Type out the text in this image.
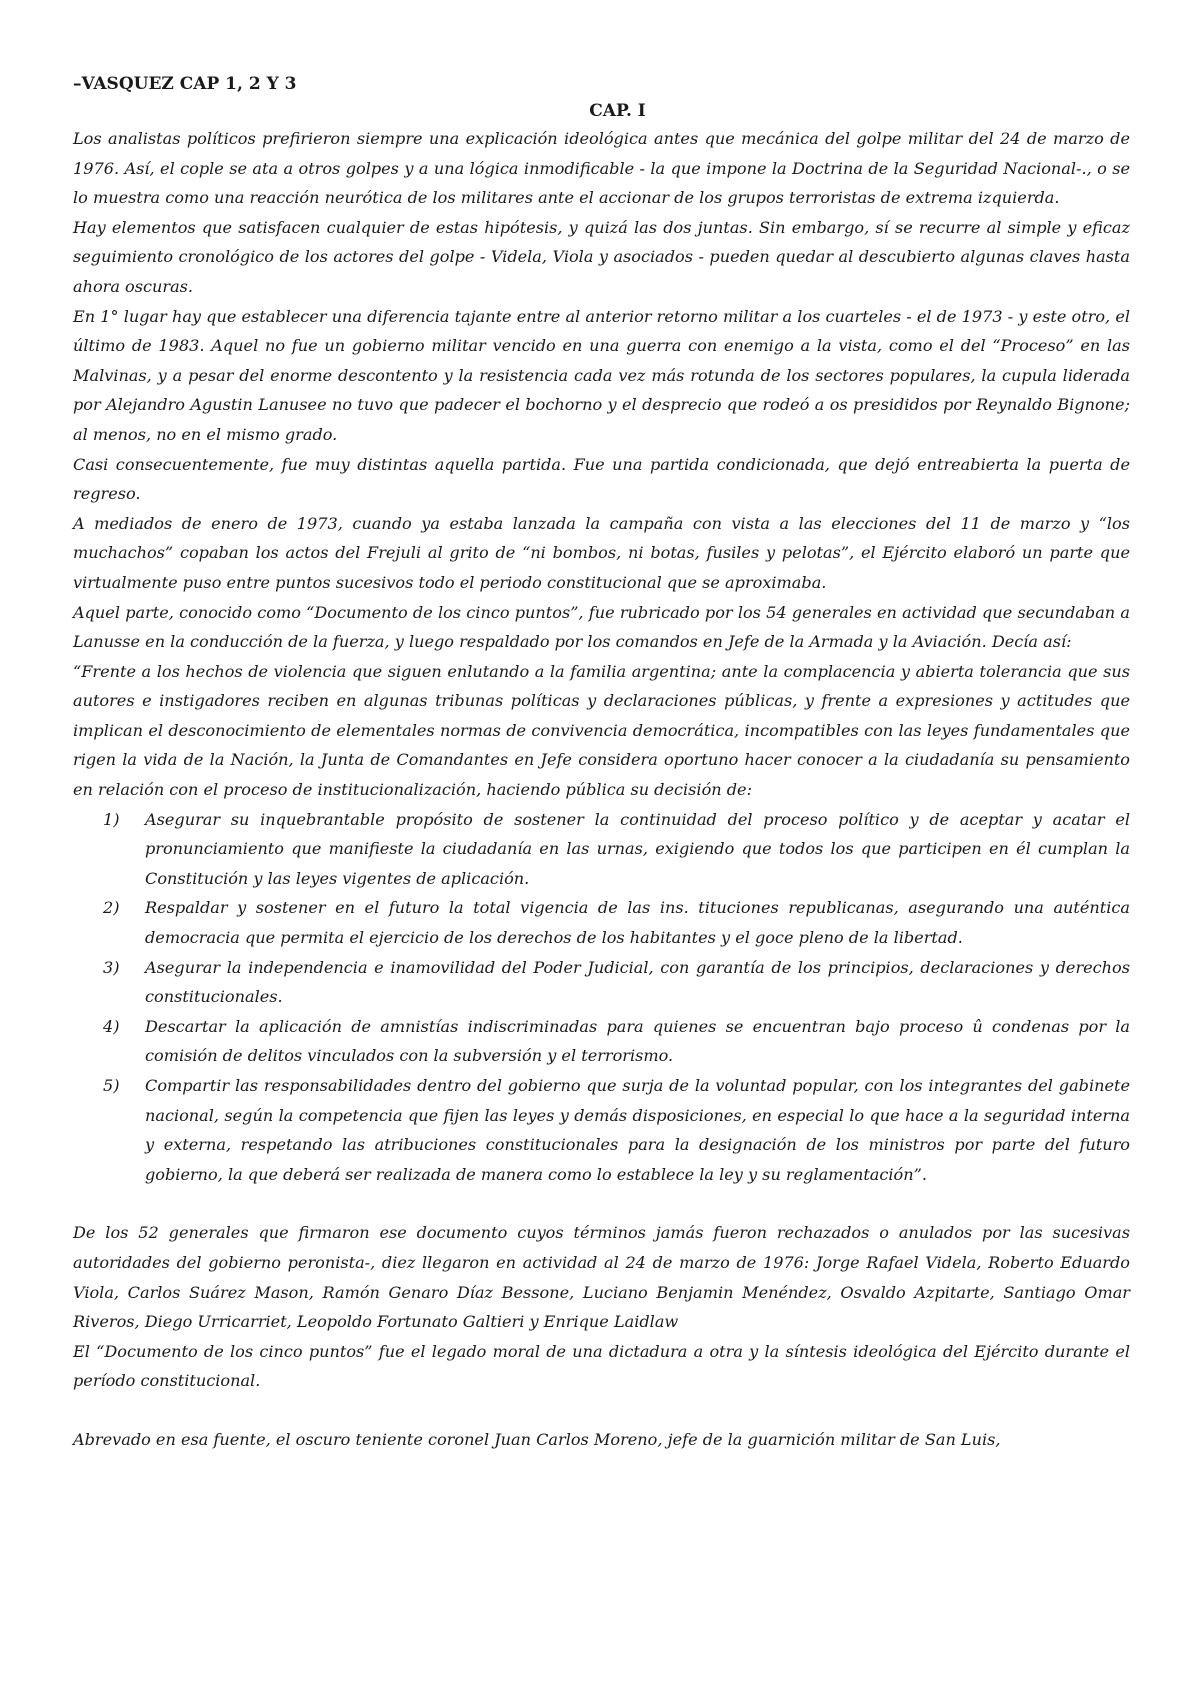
–VASQUEZ CAP 1, 2 Y 3
CAP. I

Los analistas políticos prefirieron siempre una explicación ideológica antes que mecánica del golpe militar del 24 de marzo de 1976. Así, el cople se ata a otros golpes y a una lógica inmodificable - la que impone la Doctrina de la Seguridad Nacional-., o se lo muestra como una reacción neurótica de los militares ante el accionar de los grupos terroristas de extrema izquierda.

Hay elementos que satisfacen cualquier de estas hipótesis, y quizá las dos juntas. Sin embargo, sí se recurre al simple y eficaz seguimiento cronológico de los actores del golpe - Videla, Viola y asociados - pueden quedar al descubierto algunas claves hasta ahora oscuras.

En 1° lugar hay que establecer una diferencia tajante entre al anterior retorno militar a los cuarteles - el de 1973 - y este otro, el último de 1983. Aquel no fue un gobierno militar vencido en una guerra con enemigo a la vista, como el del “Proceso” en las Malvinas, y a pesar del enorme descontento y la resistencia cada vez más rotunda de los sectores populares, la cupula liderada por Alejandro Agustin Lanusee no tuvo que padecer el bochorno y el desprecio que rodeó a os presididos por Reynaldo Bignone; al menos, no en el mismo grado.

Casi consecuentemente, fue muy distintas aquella partida. Fue una partida condicionada, que dejó entreabierta la puerta de regreso.

A mediados de enero de 1973, cuando ya estaba lanzada la campaña con vista a las elecciones del 11 de marzo y “los muchachos” copaban los actos del Frejuli al grito de “ni bombos, ni botas, fusiles y pelotas”, el Ejército elaboró un parte que virtualmente puso entre puntos sucesivos todo el periodo constitucional que se aproximaba.

Aquel parte, conocido como “Documento de los cinco puntos”, fue rubricado por los 54 generales en actividad que secundaban a Lanusse en la conducción de la fuerza, y luego respaldado por los comandos en Jefe de la Armada y la Aviación. Decía así:

“Frente a los hechos de violencia que siguen enlutando a la familia argentina; ante la complacencia y abierta tolerancia que sus autores e instigadores reciben en algunas tribunas políticas y declaraciones públicas, y frente a expresiones y actitudes que implican el desconocimiento de elementales normas de convivencia democrática, incompatibles con las leyes fundamentales que rigen la vida de la Nación, la Junta de Comandantes en Jefe considera oportuno hacer conocer a la ciudadanía su pensamiento en relación con el proceso de institucionalización, haciendo pública su decisión de:

1) Asegurar su inquebrantable propósito de sostener la continuidad del proceso político y de aceptar y acatar el pronunciamiento que manifieste la ciudadanía en las urnas, exigiendo que todos los que participen en él cumplan la Constitución y las leyes vigentes de aplicación.
2) Respaldar y sostener en el futuro la total vigencia de las ins. tituciones republicanas, asegurando una auténtica democracia que permita el ejercicio de los derechos de los habitantes y el goce pleno de la libertad.
3) Asegurar la independencia e inamovilidad del Poder Judicial, con garantía de los principios, declaraciones y derechos constitucionales.
4) Descartar la aplicación de amnistías indiscriminadas para quienes se encuentran bajo proceso û condenas por la comisión de delitos vinculados con la subversión y el terrorismo.
5) Compartir las responsabilidades dentro del gobierno que surja de la voluntad popular, con los integrantes del gabinete nacional, según la competencia que fijen las leyes y demás disposiciones, en especial lo que hace a la seguridad interna y externa, respetando las atribuciones constitucionales para la designación de los ministros por parte del futuro gobierno, la que deberá ser realizada de manera como lo establece la ley y su reglamentación”.

De los 52 generales que firmaron ese documento cuyos términos jamás fueron rechazados o anulados por las sucesivas autoridades del gobierno peronista-, diez llegaron en actividad al 24 de marzo de 1976: Jorge Rafael Videla, Roberto Eduardo Viola, Carlos Suárez Mason, Ramón Genaro Díaz Bessone, Luciano Benjamin Menéndez, Osvaldo Azpitarte, Santiago Omar Riveros, Diego Urricarriet, Leopoldo Fortunato Galtieri y Enrique Laidlaw

El “Documento de los cinco puntos” fue el legado moral de una dictadura a otra y la síntesis ideológica del Ejército durante el período constitucional.

Abrevado en esa fuente, el oscuro teniente coronel Juan Carlos Moreno, jefe de la guarnición militar de San Luis,
